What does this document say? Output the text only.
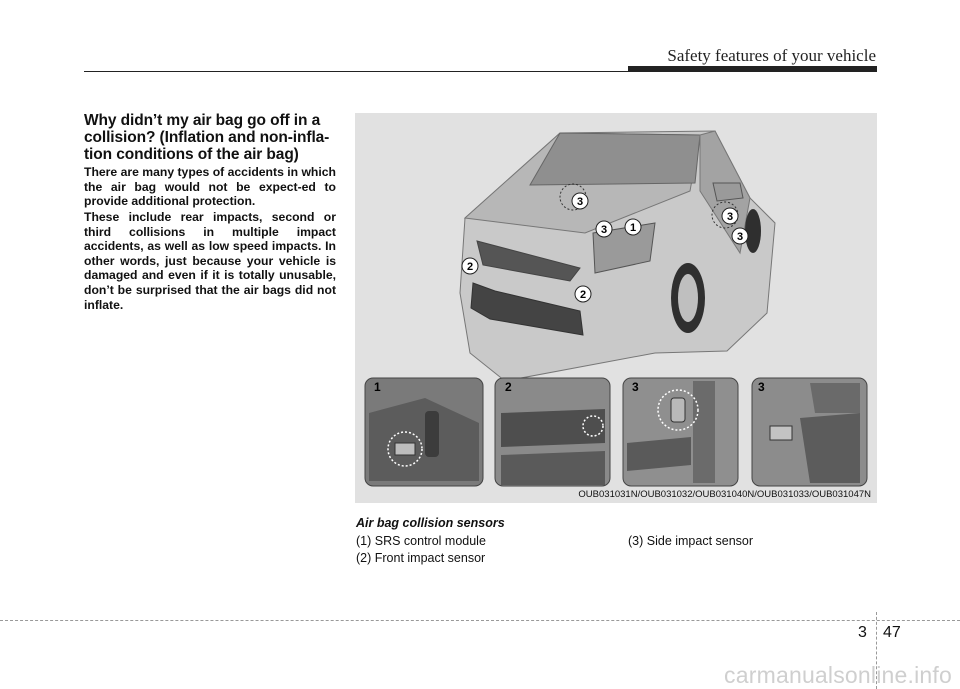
Safety features of your vehicle
Why didn’t my air bag go off in a collision? (Inflation and non-infla-tion conditions of the air bag)
There are many types of accidents in which the air bag would not be expect-ed to provide additional protection.
These include rear impacts, second or third collisions in multiple impact accidents, as well as low speed impacts. In other words, just because your vehicle is damaged and even if it is totally unusable, don’t be surprised that the air bags did not inflate.
3
3 1
3
3
2
2
1	2	3	3
OUB031031N/OUB031032/OUB031040N/OUB031033/OUB031047N
Air bag collision sensors
(1) SRS control module
(2) Front impact sensor
(3) Side impact sensor
3 47
carmanualsonline.info
